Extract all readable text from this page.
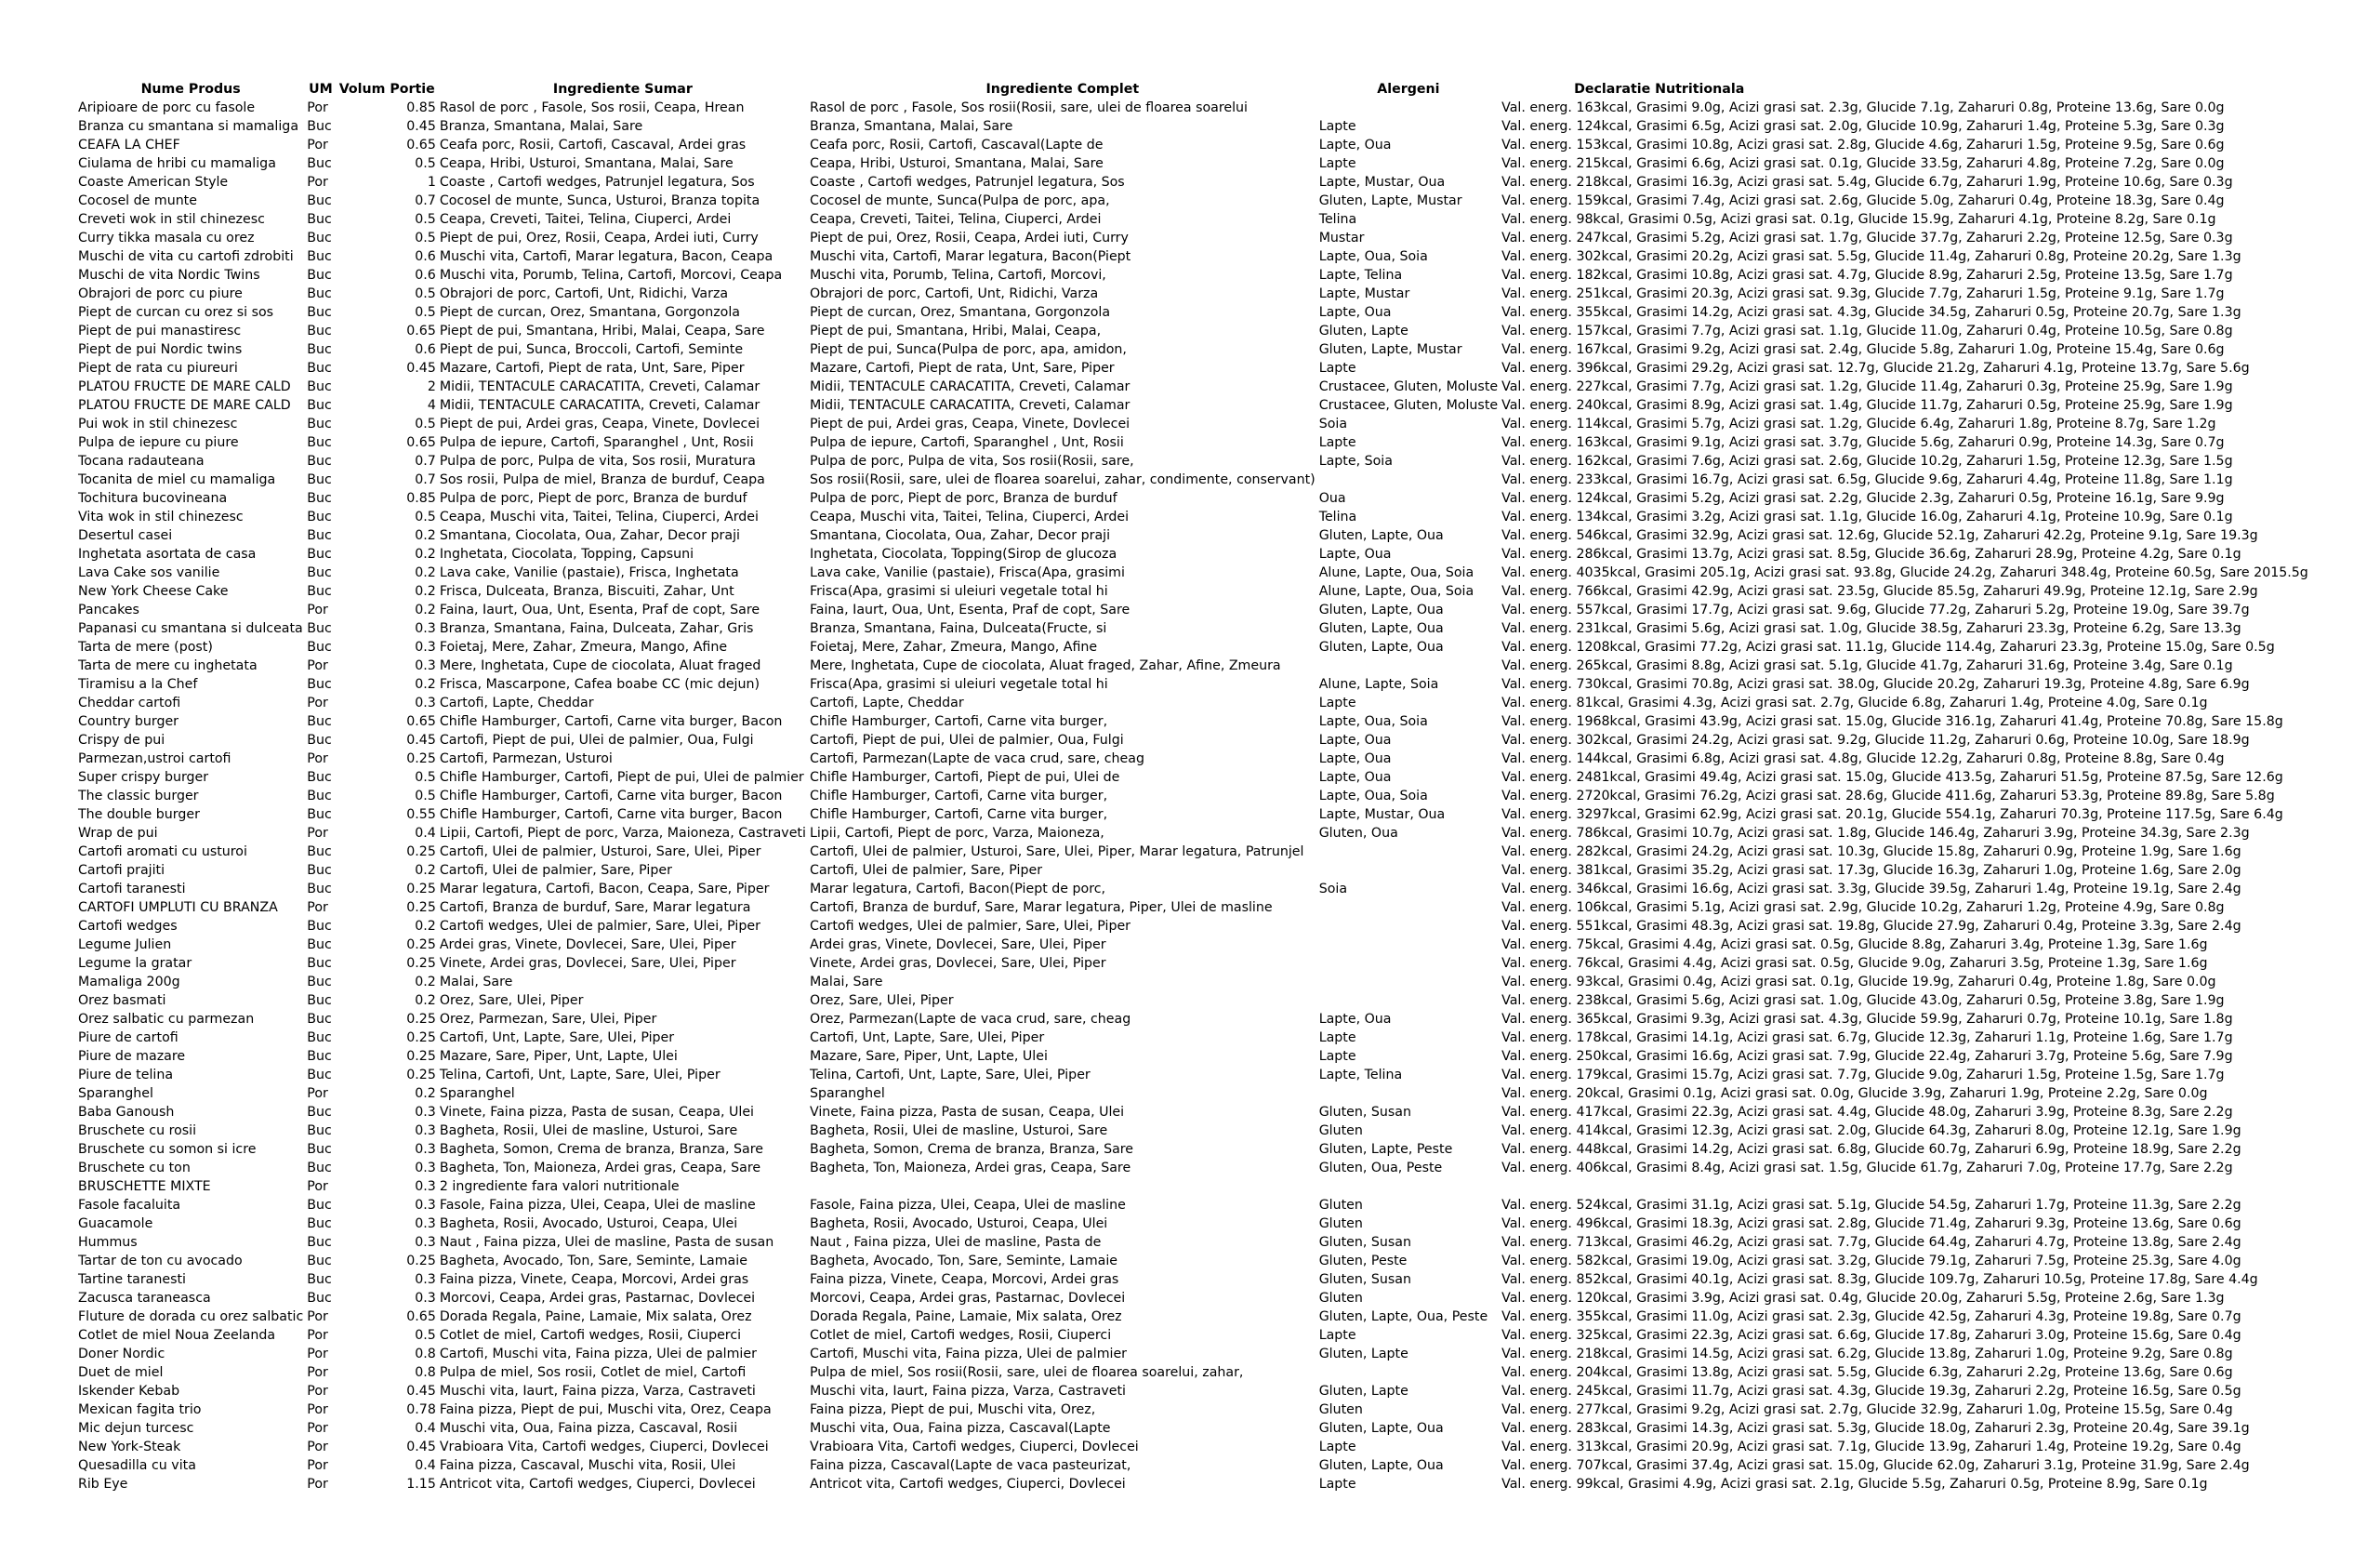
Nume Produs	UM	Volum Portie	Ingrediente Sumar	Ingrediente Complet	Alergeni	Declaratie Nutritionala
Aripioare de porc cu fasole	Por	0.85	Rasol de porc , Fasole, Sos rosii, Ceapa, Hrean	Rasol de porc , Fasole, Sos rosii(Rosii, sare, ulei de floarea soarelui		Val. energ. 163kcal, Grasimi 9.0g, Acizi grasi sat. 2.3g, Glucide 7.1g, Zaharuri 0.8g, Proteine 13.6g, Sare 0.0g
Branza cu smantana si mamaliga	Buc	0.45	Branza, Smantana, Malai, Sare	Branza, Smantana, Malai, Sare	Lapte	Val. energ. 124kcal, Grasimi 6.5g, Acizi grasi sat. 2.0g, Glucide 10.9g, Zaharuri 1.4g, Proteine 5.3g, Sare 0.3g
CEAFA LA CHEF	Por	0.65	Ceafa porc, Rosii, Cartofi, Cascaval, Ardei gras	Ceafa porc, Rosii, Cartofi, Cascaval(Lapte de	Lapte, Oua	Val. energ. 153kcal, Grasimi 10.8g, Acizi grasi sat. 2.8g, Glucide 4.6g, Zaharuri 1.5g, Proteine 9.5g, Sare 0.6g
Ciulama de hribi cu mamaliga	Buc	0.5	Ceapa, Hribi, Usturoi, Smantana, Malai, Sare	Ceapa, Hribi, Usturoi, Smantana, Malai, Sare	Lapte	Val. energ. 215kcal, Grasimi 6.6g, Acizi grasi sat. 0.1g, Glucide 33.5g, Zaharuri 4.8g, Proteine 7.2g, Sare 0.0g
Coaste American Style	Por	1	Coaste , Cartofi wedges, Patrunjel legatura, Sos	Coaste , Cartofi wedges, Patrunjel legatura, Sos	Lapte, Mustar, Oua	Val. energ. 218kcal, Grasimi 16.3g, Acizi grasi sat. 5.4g, Glucide 6.7g, Zaharuri 1.9g, Proteine 10.6g, Sare 0.3g
Cocosel de munte	Buc	0.7	Cocosel de munte, Sunca, Usturoi, Branza topita	Cocosel de munte, Sunca(Pulpa de porc, apa,	Gluten, Lapte, Mustar	Val. energ. 159kcal, Grasimi 7.4g, Acizi grasi sat. 2.6g, Glucide 5.0g, Zaharuri 0.4g, Proteine 18.3g, Sare 0.4g
Creveti wok in stil chinezesc	Buc	0.5	Ceapa, Creveti, Taitei, Telina, Ciuperci, Ardei	Ceapa, Creveti, Taitei, Telina, Ciuperci, Ardei	Telina	Val. energ. 98kcal, Grasimi 0.5g, Acizi grasi sat. 0.1g, Glucide 15.9g, Zaharuri 4.1g, Proteine 8.2g, Sare 0.1g
Curry tikka masala cu orez	Buc	0.5	Piept de pui, Orez, Rosii, Ceapa, Ardei iuti, Curry	Piept de pui, Orez, Rosii, Ceapa, Ardei iuti, Curry	Mustar	Val. energ. 247kcal, Grasimi 5.2g, Acizi grasi sat. 1.7g, Glucide 37.7g, Zaharuri 2.2g, Proteine 12.5g, Sare 0.3g
Muschi de vita cu cartofi zdrobiti	Buc	0.6	Muschi vita, Cartofi, Marar legatura, Bacon, Ceapa	Muschi vita, Cartofi, Marar legatura, Bacon(Piept	Lapte, Oua, Soia	Val. energ. 302kcal, Grasimi 20.2g, Acizi grasi sat. 5.5g, Glucide 11.4g, Zaharuri 0.8g, Proteine 20.2g, Sare 1.3g
Muschi de vita Nordic Twins	Buc	0.6	Muschi vita, Porumb, Telina, Cartofi, Morcovi, Ceapa	Muschi vita, Porumb, Telina, Cartofi, Morcovi,	Lapte, Telina	Val. energ. 182kcal, Grasimi 10.8g, Acizi grasi sat. 4.7g, Glucide 8.9g, Zaharuri 2.5g, Proteine 13.5g, Sare 1.7g
Obrajori de porc cu piure	Buc	0.5	Obrajori de porc, Cartofi, Unt, Ridichi, Varza	Obrajori de porc, Cartofi, Unt, Ridichi, Varza	Lapte, Mustar	Val. energ. 251kcal, Grasimi 20.3g, Acizi grasi sat. 9.3g, Glucide 7.7g, Zaharuri 1.5g, Proteine 9.1g, Sare 1.7g
Piept de curcan cu orez si sos	Buc	0.5	Piept de curcan, Orez, Smantana, Gorgonzola	Piept de curcan, Orez, Smantana, Gorgonzola	Lapte, Oua	Val. energ. 355kcal, Grasimi 14.2g, Acizi grasi sat. 4.3g, Glucide 34.5g, Zaharuri 0.5g, Proteine 20.7g, Sare 1.3g
Piept de pui manastiresc	Buc	0.65	Piept de pui, Smantana, Hribi, Malai, Ceapa, Sare	Piept de pui, Smantana, Hribi, Malai, Ceapa,	Gluten, Lapte	Val. energ. 157kcal, Grasimi 7.7g, Acizi grasi sat. 1.1g, Glucide 11.0g, Zaharuri 0.4g, Proteine 10.5g, Sare 0.8g
Piept de pui Nordic twins	Buc	0.6	Piept de pui, Sunca, Broccoli, Cartofi, Seminte	Piept de pui, Sunca(Pulpa de porc, apa, amidon,	Gluten, Lapte, Mustar	Val. energ. 167kcal, Grasimi 9.2g, Acizi grasi sat. 2.4g, Glucide 5.8g, Zaharuri 1.0g, Proteine 15.4g, Sare 0.6g
Piept de rata cu piureuri	Buc	0.45	Mazare, Cartofi, Piept de rata, Unt, Sare, Piper	Mazare, Cartofi, Piept de rata, Unt, Sare, Piper	Lapte	Val. energ. 396kcal, Grasimi 29.2g, Acizi grasi sat. 12.7g, Glucide 21.2g, Zaharuri 4.1g, Proteine 13.7g, Sare 5.6g
PLATOU FRUCTE DE MARE CALD	Buc	2	Midii, TENTACULE CARACATITA, Creveti, Calamar	Midii, TENTACULE CARACATITA, Creveti, Calamar	Crustacee, Gluten, Moluste	Val. energ. 227kcal, Grasimi 7.7g, Acizi grasi sat. 1.2g, Glucide 11.4g, Zaharuri 0.3g, Proteine 25.9g, Sare 1.9g
PLATOU FRUCTE DE MARE CALD	Buc	4	Midii, TENTACULE CARACATITA, Creveti, Calamar	Midii, TENTACULE CARACATITA, Creveti, Calamar	Crustacee, Gluten, Moluste	Val. energ. 240kcal, Grasimi 8.9g, Acizi grasi sat. 1.4g, Glucide 11.7g, Zaharuri 0.5g, Proteine 25.9g, Sare 1.9g
Pui wok in stil chinezesc	Buc	0.5	Piept de pui, Ardei gras, Ceapa, Vinete, Dovlecei	Piept de pui, Ardei gras, Ceapa, Vinete, Dovlecei	Soia	Val. energ. 114kcal, Grasimi 5.7g, Acizi grasi sat. 1.2g, Glucide 6.4g, Zaharuri 1.8g, Proteine 8.7g, Sare 1.2g
Pulpa de iepure cu piure	Buc	0.65	Pulpa de iepure, Cartofi, Sparanghel , Unt, Rosii	Pulpa de iepure, Cartofi, Sparanghel , Unt, Rosii	Lapte	Val. energ. 163kcal, Grasimi 9.1g, Acizi grasi sat. 3.7g, Glucide 5.6g, Zaharuri 0.9g, Proteine 14.3g, Sare 0.7g
Tocana radauteana	Buc	0.7	Pulpa de porc, Pulpa de vita, Sos rosii, Muratura	Pulpa de porc, Pulpa de vita, Sos rosii(Rosii, sare,	Lapte, Soia	Val. energ. 162kcal, Grasimi 7.6g, Acizi grasi sat. 2.6g, Glucide 10.2g, Zaharuri 1.5g, Proteine 12.3g, Sare 1.5g
Tocanita de miel cu mamaliga	Buc	0.7	Sos rosii, Pulpa de miel, Branza de burduf, Ceapa	Sos rosii(Rosii, sare, ulei de floarea soarelui, zahar, condimente, conservant)		Val. energ. 233kcal, Grasimi 16.7g, Acizi grasi sat. 6.5g, Glucide 9.6g, Zaharuri 4.4g, Proteine 11.8g, Sare 1.1g
Tochitura bucovineana	Buc	0.85	Pulpa de porc, Piept de porc, Branza de burduf	Pulpa de porc, Piept de porc, Branza de burduf	Oua	Val. energ. 124kcal, Grasimi 5.2g, Acizi grasi sat. 2.2g, Glucide 2.3g, Zaharuri 0.5g, Proteine 16.1g, Sare 9.9g
Vita wok in stil chinezesc	Buc	0.5	Ceapa, Muschi vita, Taitei, Telina, Ciuperci, Ardei	Ceapa, Muschi vita, Taitei, Telina, Ciuperci, Ardei	Telina	Val. energ. 134kcal, Grasimi 3.2g, Acizi grasi sat. 1.1g, Glucide 16.0g, Zaharuri 4.1g, Proteine 10.9g, Sare 0.1g
Desertul casei	Buc	0.2	Smantana, Ciocolata, Oua, Zahar, Decor praji	Smantana, Ciocolata, Oua, Zahar, Decor praji	Gluten, Lapte, Oua	Val. energ. 546kcal, Grasimi 32.9g, Acizi grasi sat. 12.6g, Glucide 52.1g, Zaharuri 42.2g, Proteine 9.1g, Sare 19.3g
Inghetata asortata de casa	Buc	0.2	Inghetata, Ciocolata, Topping, Capsuni	Inghetata, Ciocolata, Topping(Sirop de glucoza	Lapte, Oua	Val. energ. 286kcal, Grasimi 13.7g, Acizi grasi sat. 8.5g, Glucide 36.6g, Zaharuri 28.9g, Proteine 4.2g, Sare 0.1g
Lava Cake sos vanilie	Buc	0.2	Lava cake, Vanilie (pastaie), Frisca, Inghetata	Lava cake, Vanilie (pastaie), Frisca(Apa, grasimi	Alune, Lapte, Oua, Soia	Val. energ. 4035kcal, Grasimi 205.1g, Acizi grasi sat. 93.8g, Glucide 24.2g, Zaharuri 348.4g, Proteine 60.5g, Sare 2015.5g
New York Cheese Cake	Buc	0.2	Frisca, Dulceata, Branza, Biscuiti, Zahar, Unt	Frisca(Apa, grasimi si uleiuri vegetale total hi	Alune, Lapte, Oua, Soia	Val. energ. 766kcal, Grasimi 42.9g, Acizi grasi sat. 23.5g, Glucide 85.5g, Zaharuri 49.9g, Proteine 12.1g, Sare 2.9g
Pancakes	Por	0.2	Faina, Iaurt, Oua, Unt, Esenta, Praf de copt, Sare	Faina, Iaurt, Oua, Unt, Esenta, Praf de copt, Sare	Gluten, Lapte, Oua	Val. energ. 557kcal, Grasimi 17.7g, Acizi grasi sat. 9.6g, Glucide 77.2g, Zaharuri 5.2g, Proteine 19.0g, Sare 39.7g
Papanasi cu smantana si dulceata	Buc	0.3	Branza, Smantana, Faina, Dulceata, Zahar, Gris	Branza, Smantana, Faina, Dulceata(Fructe, si	Gluten, Lapte, Oua	Val. energ. 231kcal, Grasimi 5.6g, Acizi grasi sat. 1.0g, Glucide 38.5g, Zaharuri 23.3g, Proteine 6.2g, Sare 13.3g
Tarta de mere (post)	Buc	0.3	Foietaj, Mere, Zahar, Zmeura, Mango, Afine	Foietaj, Mere, Zahar, Zmeura, Mango, Afine	Gluten, Lapte, Oua	Val. energ. 1208kcal, Grasimi 77.2g, Acizi grasi sat. 11.1g, Glucide 114.4g, Zaharuri 23.3g, Proteine 15.0g, Sare 0.5g
Tarta de mere cu inghetata	Por	0.3	Mere, Inghetata, Cupe de ciocolata, Aluat fraged	Mere, Inghetata, Cupe de ciocolata, Aluat fraged, Zahar, Afine, Zmeura		Val. energ. 265kcal, Grasimi 8.8g, Acizi grasi sat. 5.1g, Glucide 41.7g, Zaharuri 31.6g, Proteine 3.4g, Sare 0.1g
Tiramisu a la Chef	Buc	0.2	Frisca, Mascarpone, Cafea boabe CC (mic dejun)	Frisca(Apa, grasimi si uleiuri vegetale total hi	Alune, Lapte, Soia	Val. energ. 730kcal, Grasimi 70.8g, Acizi grasi sat. 38.0g, Glucide 20.2g, Zaharuri 19.3g, Proteine 4.8g, Sare 6.9g
Cheddar cartofi	Por	0.3	Cartofi, Lapte, Cheddar	Cartofi, Lapte, Cheddar	Lapte	Val. energ. 81kcal, Grasimi 4.3g, Acizi grasi sat. 2.7g, Glucide 6.8g, Zaharuri 1.4g, Proteine 4.0g, Sare 0.1g
Country burger	Buc	0.65	Chifle Hamburger, Cartofi, Carne vita burger, Bacon	Chifle Hamburger, Cartofi, Carne vita burger,	Lapte, Oua, Soia	Val. energ. 1968kcal, Grasimi 43.9g, Acizi grasi sat. 15.0g, Glucide 316.1g, Zaharuri 41.4g, Proteine 70.8g, Sare 15.8g
Crispy de pui	Buc	0.45	Cartofi, Piept de pui, Ulei de palmier, Oua, Fulgi	Cartofi, Piept de pui, Ulei de palmier, Oua, Fulgi	Lapte, Oua	Val. energ. 302kcal, Grasimi 24.2g, Acizi grasi sat. 9.2g, Glucide 11.2g, Zaharuri 0.6g, Proteine 10.0g, Sare 18.9g
Parmezan,ustroi cartofi	Por	0.25	Cartofi, Parmezan, Usturoi	Cartofi, Parmezan(Lapte de vaca crud, sare, cheag	Lapte, Oua	Val. energ. 144kcal, Grasimi 6.8g, Acizi grasi sat. 4.8g, Glucide 12.2g, Zaharuri 0.8g, Proteine 8.8g, Sare 0.4g
Super crispy burger	Buc	0.5	Chifle Hamburger, Cartofi, Piept de pui, Ulei de palmier	Chifle Hamburger, Cartofi, Piept de pui, Ulei de	Lapte, Oua	Val. energ. 2481kcal, Grasimi 49.4g, Acizi grasi sat. 15.0g, Glucide 413.5g, Zaharuri 51.5g, Proteine 87.5g, Sare 12.6g
The classic burger	Buc	0.5	Chifle Hamburger, Cartofi, Carne vita burger, Bacon	Chifle Hamburger, Cartofi, Carne vita burger,	Lapte, Oua, Soia	Val. energ. 2720kcal, Grasimi 76.2g, Acizi grasi sat. 28.6g, Glucide 411.6g, Zaharuri 53.3g, Proteine 89.8g, Sare 5.8g
The double burger	Buc	0.55	Chifle Hamburger, Cartofi, Carne vita burger, Bacon	Chifle Hamburger, Cartofi, Carne vita burger,	Lapte, Mustar, Oua	Val. energ. 3297kcal, Grasimi 62.9g, Acizi grasi sat. 20.1g, Glucide 554.1g, Zaharuri 70.3g, Proteine 117.5g, Sare 6.4g
Wrap de pui	Por	0.4	Lipii, Cartofi, Piept de porc, Varza, Maioneza, Castraveti	Lipii, Cartofi, Piept de porc, Varza, Maioneza,	Gluten, Oua	Val. energ. 786kcal, Grasimi 10.7g, Acizi grasi sat. 1.8g, Glucide 146.4g, Zaharuri 3.9g, Proteine 34.3g, Sare 2.3g
Cartofi aromati cu usturoi	Buc	0.25	Cartofi, Ulei de palmier, Usturoi, Sare, Ulei, Piper	Cartofi, Ulei de palmier, Usturoi, Sare, Ulei, Piper, Marar legatura, Patrunjel		Val. energ. 282kcal, Grasimi 24.2g, Acizi grasi sat. 10.3g, Glucide 15.8g, Zaharuri 0.9g, Proteine 1.9g, Sare 1.6g
Cartofi prajiti	Buc	0.2	Cartofi, Ulei de palmier, Sare, Piper	Cartofi, Ulei de palmier, Sare, Piper		Val. energ. 381kcal, Grasimi 35.2g, Acizi grasi sat. 17.3g, Glucide 16.3g, Zaharuri 1.0g, Proteine 1.6g, Sare 2.0g
Cartofi taranesti	Buc	0.25	Marar legatura, Cartofi, Bacon, Ceapa, Sare, Piper	Marar legatura, Cartofi, Bacon(Piept de porc,	Soia	Val. energ. 346kcal, Grasimi 16.6g, Acizi grasi sat. 3.3g, Glucide 39.5g, Zaharuri 1.4g, Proteine 19.1g, Sare 2.4g
CARTOFI UMPLUTI CU BRANZA	Por	0.25	Cartofi, Branza de burduf, Sare, Marar legatura	Cartofi, Branza de burduf, Sare, Marar legatura, Piper, Ulei de masline		Val. energ. 106kcal, Grasimi 5.1g, Acizi grasi sat. 2.9g, Glucide 10.2g, Zaharuri 1.2g, Proteine 4.9g, Sare 0.8g
Cartofi wedges	Buc	0.2	Cartofi wedges, Ulei de palmier, Sare, Ulei, Piper	Cartofi wedges, Ulei de palmier, Sare, Ulei, Piper		Val. energ. 551kcal, Grasimi 48.3g, Acizi grasi sat. 19.8g, Glucide 27.9g, Zaharuri 0.4g, Proteine 3.3g, Sare 2.4g
Legume Julien	Buc	0.25	Ardei gras, Vinete, Dovlecei, Sare, Ulei, Piper	Ardei gras, Vinete, Dovlecei, Sare, Ulei, Piper		Val. energ. 75kcal, Grasimi 4.4g, Acizi grasi sat. 0.5g, Glucide 8.8g, Zaharuri 3.4g, Proteine 1.3g, Sare 1.6g
Legume la gratar	Buc	0.25	Vinete, Ardei gras, Dovlecei, Sare, Ulei, Piper	Vinete, Ardei gras, Dovlecei, Sare, Ulei, Piper		Val. energ. 76kcal, Grasimi 4.4g, Acizi grasi sat. 0.5g, Glucide 9.0g, Zaharuri 3.5g, Proteine 1.3g, Sare 1.6g
Mamaliga 200g	Buc	0.2	Malai, Sare	Malai, Sare		Val. energ. 93kcal, Grasimi 0.4g, Acizi grasi sat. 0.1g, Glucide 19.9g, Zaharuri 0.4g, Proteine 1.8g, Sare 0.0g
Orez basmati	Buc	0.2	Orez, Sare, Ulei, Piper	Orez, Sare, Ulei, Piper		Val. energ. 238kcal, Grasimi 5.6g, Acizi grasi sat. 1.0g, Glucide 43.0g, Zaharuri 0.5g, Proteine 3.8g, Sare 1.9g
Orez salbatic cu parmezan	Buc	0.25	Orez, Parmezan, Sare, Ulei, Piper	Orez, Parmezan(Lapte de vaca crud, sare, cheag	Lapte, Oua	Val. energ. 365kcal, Grasimi 9.3g, Acizi grasi sat. 4.3g, Glucide 59.9g, Zaharuri 0.7g, Proteine 10.1g, Sare 1.8g
Piure de cartofi	Buc	0.25	Cartofi, Unt, Lapte, Sare, Ulei, Piper	Cartofi, Unt, Lapte, Sare, Ulei, Piper	Lapte	Val. energ. 178kcal, Grasimi 14.1g, Acizi grasi sat. 6.7g, Glucide 12.3g, Zaharuri 1.1g, Proteine 1.6g, Sare 1.7g
Piure de mazare	Buc	0.25	Mazare, Sare, Piper, Unt, Lapte, Ulei	Mazare, Sare, Piper, Unt, Lapte, Ulei	Lapte	Val. energ. 250kcal, Grasimi 16.6g, Acizi grasi sat. 7.9g, Glucide 22.4g, Zaharuri 3.7g, Proteine 5.6g, Sare 7.9g
Piure de telina	Buc	0.25	Telina, Cartofi, Unt, Lapte, Sare, Ulei, Piper	Telina, Cartofi, Unt, Lapte, Sare, Ulei, Piper	Lapte, Telina	Val. energ. 179kcal, Grasimi 15.7g, Acizi grasi sat. 7.7g, Glucide 9.0g, Zaharuri 1.5g, Proteine 1.5g, Sare 1.7g
Sparanghel	Por	0.2	Sparanghel	Sparanghel		Val. energ. 20kcal, Grasimi 0.1g, Acizi grasi sat. 0.0g, Glucide 3.9g, Zaharuri 1.9g, Proteine 2.2g, Sare 0.0g
Baba Ganoush	Buc	0.3	Vinete, Faina pizza, Pasta de susan, Ceapa, Ulei	Vinete, Faina pizza, Pasta de susan, Ceapa, Ulei	Gluten, Susan	Val. energ. 417kcal, Grasimi 22.3g, Acizi grasi sat. 4.4g, Glucide 48.0g, Zaharuri 3.9g, Proteine 8.3g, Sare 2.2g
Bruschete cu rosii	Buc	0.3	Bagheta, Rosii, Ulei de masline, Usturoi, Sare	Bagheta, Rosii, Ulei de masline, Usturoi, Sare	Gluten	Val. energ. 414kcal, Grasimi 12.3g, Acizi grasi sat. 2.0g, Glucide 64.3g, Zaharuri 8.0g, Proteine 12.1g, Sare 1.9g
Bruschete cu somon si icre	Buc	0.3	Bagheta, Somon, Crema de branza, Branza, Sare	Bagheta, Somon, Crema de branza, Branza, Sare	Gluten, Lapte, Peste	Val. energ. 448kcal, Grasimi 14.2g, Acizi grasi sat. 6.8g, Glucide 60.7g, Zaharuri 6.9g, Proteine 18.9g, Sare 2.2g
Bruschete cu ton	Buc	0.3	Bagheta, Ton, Maioneza, Ardei gras, Ceapa, Sare	Bagheta, Ton, Maioneza, Ardei gras, Ceapa, Sare	Gluten, Oua, Peste	Val. energ. 406kcal, Grasimi 8.4g, Acizi grasi sat. 1.5g, Glucide 61.7g, Zaharuri 7.0g, Proteine 17.7g, Sare 2.2g
BRUSCHETTE MIXTE	Por	0.3	2 ingrediente fara valori nutritionale			
Fasole facaluita	Buc	0.3	Fasole, Faina pizza, Ulei, Ceapa, Ulei de masline	Fasole, Faina pizza, Ulei, Ceapa, Ulei de masline	Gluten	Val. energ. 524kcal, Grasimi 31.1g, Acizi grasi sat. 5.1g, Glucide 54.5g, Zaharuri 1.7g, Proteine 11.3g, Sare 2.2g
Guacamole	Buc	0.3	Bagheta, Rosii, Avocado, Usturoi, Ceapa, Ulei	Bagheta, Rosii, Avocado, Usturoi, Ceapa, Ulei	Gluten	Val. energ. 496kcal, Grasimi 18.3g, Acizi grasi sat. 2.8g, Glucide 71.4g, Zaharuri 9.3g, Proteine 13.6g, Sare 0.6g
Hummus	Buc	0.3	Naut , Faina pizza, Ulei de masline, Pasta de susan	Naut , Faina pizza, Ulei de masline, Pasta de	Gluten, Susan	Val. energ. 713kcal, Grasimi 46.2g, Acizi grasi sat. 7.7g, Glucide 64.4g, Zaharuri 4.7g, Proteine 13.8g, Sare 2.4g
Tartar de ton cu avocado	Buc	0.25	Bagheta, Avocado, Ton, Sare, Seminte, Lamaie	Bagheta, Avocado, Ton, Sare, Seminte, Lamaie	Gluten, Peste	Val. energ. 582kcal, Grasimi 19.0g, Acizi grasi sat. 3.2g, Glucide 79.1g, Zaharuri 7.5g, Proteine 25.3g, Sare 4.0g
Tartine taranesti	Buc	0.3	Faina pizza, Vinete, Ceapa, Morcovi, Ardei gras	Faina pizza, Vinete, Ceapa, Morcovi, Ardei gras	Gluten, Susan	Val. energ. 852kcal, Grasimi 40.1g, Acizi grasi sat. 8.3g, Glucide 109.7g, Zaharuri 10.5g, Proteine 17.8g, Sare 4.4g
Zacusca taraneasca	Buc	0.3	Morcovi, Ceapa, Ardei gras, Pastarnac, Dovlecei	Morcovi, Ceapa, Ardei gras, Pastarnac, Dovlecei	Gluten	Val. energ. 120kcal, Grasimi 3.9g, Acizi grasi sat. 0.4g, Glucide 20.0g, Zaharuri 5.5g, Proteine 2.6g, Sare 1.3g
Fluture de dorada cu orez salbatic	Por	0.65	Dorada Regala, Paine, Lamaie, Mix salata, Orez	Dorada Regala, Paine, Lamaie, Mix salata, Orez	Gluten, Lapte, Oua, Peste	Val. energ. 355kcal, Grasimi 11.0g, Acizi grasi sat. 2.3g, Glucide 42.5g, Zaharuri 4.3g, Proteine 19.8g, Sare 0.7g
Cotlet de miel Noua Zeelanda	Por	0.5	Cotlet de miel, Cartofi wedges, Rosii, Ciuperci	Cotlet de miel, Cartofi wedges, Rosii, Ciuperci	Lapte	Val. energ. 325kcal, Grasimi 22.3g, Acizi grasi sat. 6.6g, Glucide 17.8g, Zaharuri 3.0g, Proteine 15.6g, Sare 0.4g
Doner Nordic	Por	0.8	Cartofi, Muschi vita, Faina pizza, Ulei de palmier	Cartofi, Muschi vita, Faina pizza, Ulei de palmier	Gluten, Lapte	Val. energ. 218kcal, Grasimi 14.5g, Acizi grasi sat. 6.2g, Glucide 13.8g, Zaharuri 1.0g, Proteine 9.2g, Sare 0.8g
Duet de miel	Por	0.8	Pulpa de miel, Sos rosii, Cotlet de miel, Cartofi	Pulpa de miel, Sos rosii(Rosii, sare, ulei de floarea soarelui, zahar,		Val. energ. 204kcal, Grasimi 13.8g, Acizi grasi sat. 5.5g, Glucide 6.3g, Zaharuri 2.2g, Proteine 13.6g, Sare 0.6g
Iskender Kebab	Por	0.45	Muschi vita, Iaurt, Faina pizza, Varza, Castraveti	Muschi vita, Iaurt, Faina pizza, Varza, Castraveti	Gluten, Lapte	Val. energ. 245kcal, Grasimi 11.7g, Acizi grasi sat. 4.3g, Glucide 19.3g, Zaharuri 2.2g, Proteine 16.5g, Sare 0.5g
Mexican fagita trio	Por	0.78	Faina pizza, Piept de pui, Muschi vita, Orez, Ceapa	Faina pizza, Piept de pui, Muschi vita, Orez,	Gluten	Val. energ. 277kcal, Grasimi 9.2g, Acizi grasi sat. 2.7g, Glucide 32.9g, Zaharuri 1.0g, Proteine 15.5g, Sare 0.4g
Mic dejun turcesc	Por	0.4	Muschi vita, Oua, Faina pizza, Cascaval, Rosii	Muschi vita, Oua, Faina pizza, Cascaval(Lapte	Gluten, Lapte, Oua	Val. energ. 283kcal, Grasimi 14.3g, Acizi grasi sat. 5.3g, Glucide 18.0g, Zaharuri 2.3g, Proteine 20.4g, Sare 39.1g
New York-Steak	Por	0.45	Vrabioara Vita, Cartofi wedges, Ciuperci, Dovlecei	Vrabioara Vita, Cartofi wedges, Ciuperci, Dovlecei	Lapte	Val. energ. 313kcal, Grasimi 20.9g, Acizi grasi sat. 7.1g, Glucide 13.9g, Zaharuri 1.4g, Proteine 19.2g, Sare 0.4g
Quesadilla cu vita	Por	0.4	Faina pizza, Cascaval, Muschi vita, Rosii, Ulei	Faina pizza, Cascaval(Lapte de vaca pasteurizat,	Gluten, Lapte, Oua	Val. energ. 707kcal, Grasimi 37.4g, Acizi grasi sat. 15.0g, Glucide 62.0g, Zaharuri 3.1g, Proteine 31.9g, Sare 2.4g
Rib Eye	Por	1.15	Antricot vita, Cartofi wedges, Ciuperci, Dovlecei	Antricot vita, Cartofi wedges, Ciuperci, Dovlecei	Lapte	Val. energ. 99kcal, Grasimi 4.9g, Acizi grasi sat. 2.1g, Glucide 5.5g, Zaharuri 0.5g, Proteine 8.9g, Sare 0.1g
